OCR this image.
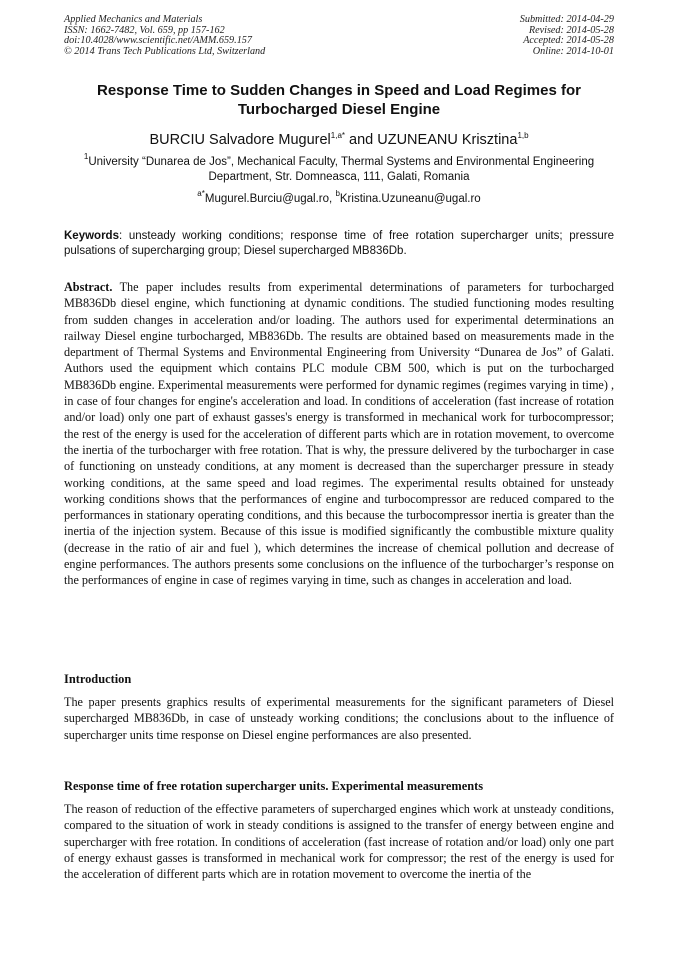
Applied Mechanics and Materials
ISSN: 1662-7482, Vol. 659, pp 157-162
doi:10.4028/www.scientific.net/AMM.659.157
© 2014 Trans Tech Publications Ltd, Switzerland
Submitted: 2014-04-29
Revised: 2014-05-28
Accepted: 2014-05-28
Online: 2014-10-01
Response Time to Sudden Changes in Speed and Load Regimes for Turbocharged Diesel Engine
BURCIU Salvadore Mugurel$^{1,a*}$ and UZUNEANU Krisztina$^{1,b}$
$^1$University “Dunarea de Jos”, Mechanical Faculty, Thermal Systems and Environmental Engineering Department, Str. Domneasca, 111, Galati, Romania
$^{a*}$Mugurel.Burciu@ugal.ro, $^b$Kristina.Uzuneanu@ugal.ro
Keywords: unsteady working conditions; response time of free rotation supercharger units; pressure pulsations of supercharging group; Diesel supercharged MB836Db.
Abstract. The paper includes results from experimental determinations of parameters for turbocharged MB836Db diesel engine, which functioning at dynamic conditions. The studied functioning modes resulting from sudden changes in acceleration and/or loading. The authors used for experimental determinations an railway Diesel engine turbocharged, MB836Db. The results are obtained based on measurements made in the department of Thermal Systems and Environmental Engineering from University “Dunarea de Jos” of Galati. Authors used the equipment which contains PLC module CBM 500, which is put on the turbocharged MB836Db engine. Experimental measurements were performed for dynamic regimes (regimes varying in time) , in case of four changes for engine's acceleration and load. In conditions of acceleration (fast increase of rotation and/or load) only one part of exhaust gasses's energy is transformed in mechanical work for turbocompressor; the rest of the energy is used for the acceleration of different parts which are in rotation movement, to overcome the inertia of the turbocharger with free rotation. That is why, the pressure delivered by the turbocharger in case of functioning on unsteady conditions, at any moment is decreased than the supercharger pressure in steady working conditions, at the same speed and load regimes. The experimental results obtained for unsteady working conditions shows that the performances of engine and turbocompressor are reduced compared to the performances in stationary operating conditions, and this because the turbocompressor inertia is greater than the inertia of the injection system. Because of this issue is modified significantly the combustible mixture quality (decrease in the ratio of air and fuel ), which determines the increase of chemical pollution and decrease of engine performances. The authors presents some conclusions on the influence of the turbocharger’s response on the performances of engine in case of regimes varying in time, such as changes in acceleration and load.
Introduction
The paper presents graphics results of experimental measurements for the significant parameters of Diesel supercharged MB836Db, in case of unsteady working conditions; the conclusions about to the influence of supercharger units time response on Diesel engine performances are also presented.
Response time of free rotation supercharger units. Experimental measurements
The reason of reduction of the effective parameters of supercharged engines which work at unsteady conditions, compared to the situation of work in steady conditions is assigned to the transfer of energy between engine and supercharger with free rotation. In conditions of acceleration (fast increase of rotation and/or load) only one part of energy exhaust gasses is transformed in mechanical work for compressor; the rest of the energy is used for the acceleration of different parts which are in rotation movement to overcome the inertia of the
